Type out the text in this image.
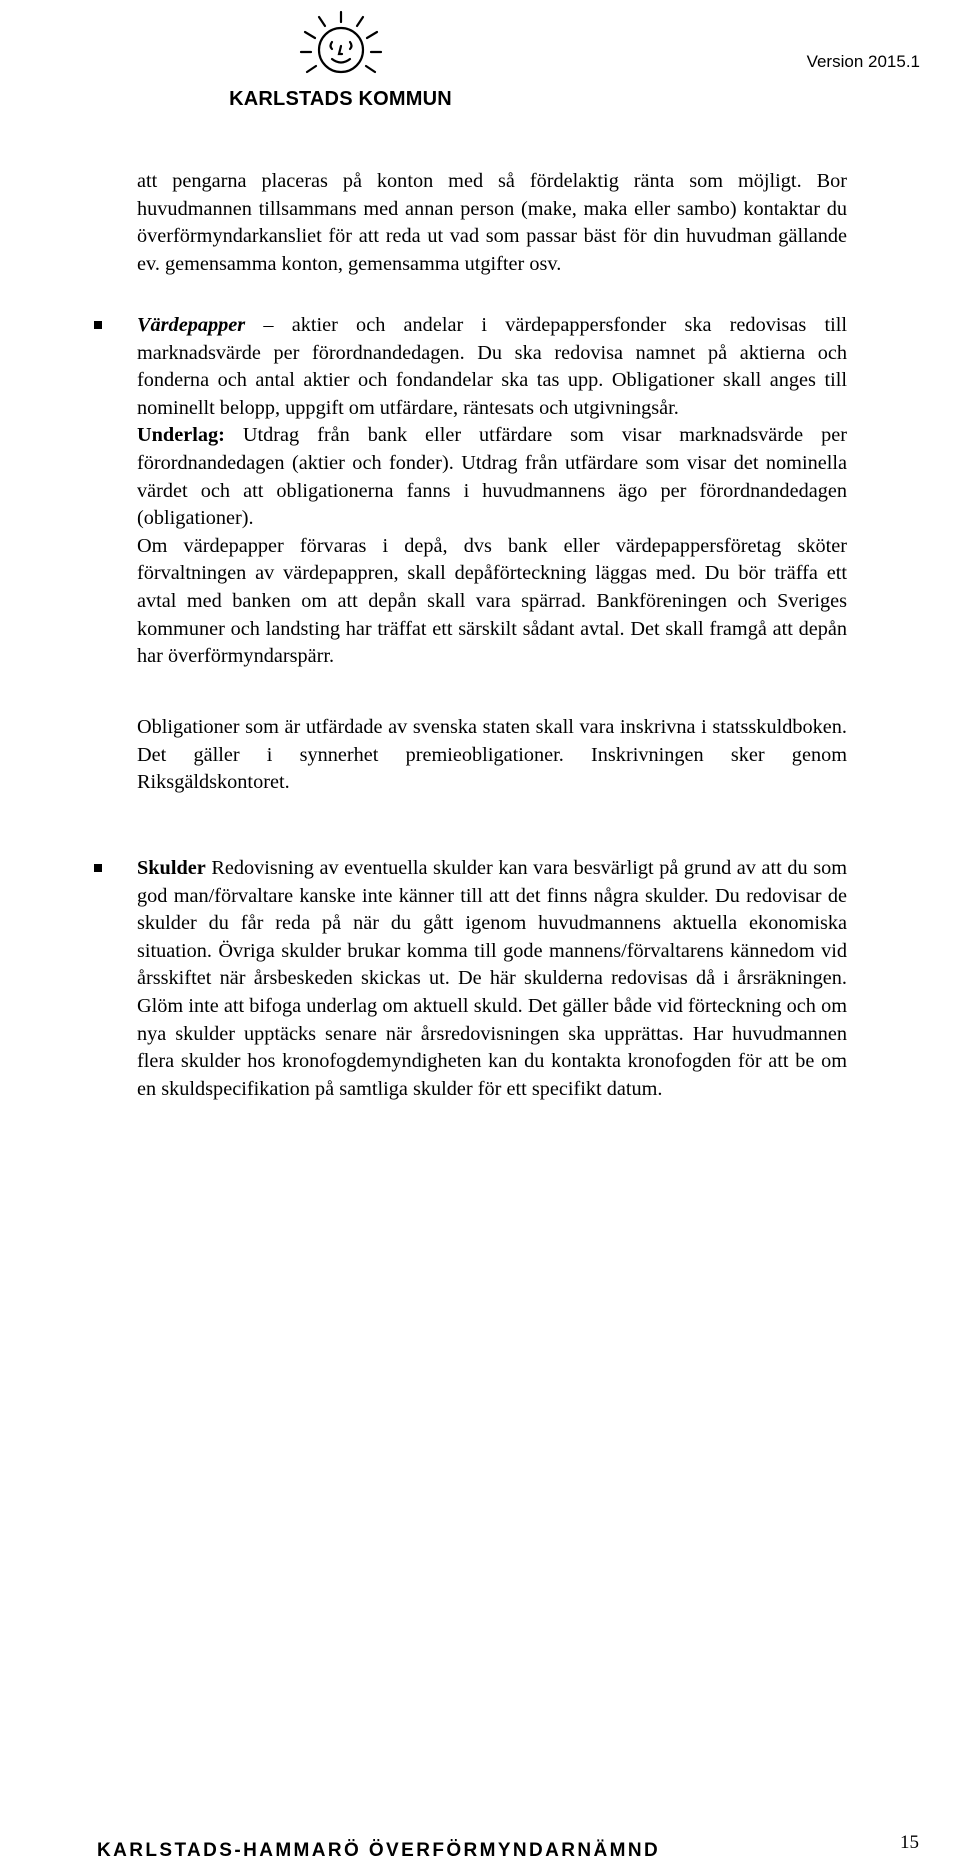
KARLSTADS KOMMUN
Version 2015.1

att pengarna placeras på konton med så fördelaktig ränta som möjligt. Bor huvudmannen tillsammans med annan person (make, maka eller sambo) kontaktar du överförmyndarkansliet för att reda ut vad som passar bäst för din huvudman gällande ev. gemensamma konton, gemensamma utgifter osv.

Värdepapper – aktier och andelar i värdepappersfonder ska redovisas till marknadsvärde per förordnandedagen. Du ska redovisa namnet på aktierna och fonderna och antal aktier och fondandelar ska tas upp. Obligationer skall anges till nominellt belopp, uppgift om utfärdare, räntesats och utgivningsår.

Underlag: Utdrag från bank eller utfärdare som visar marknadsvärde per förordnandedagen (aktier och fonder). Utdrag från utfärdare som visar det nominella värdet och att obligationerna fanns i huvudmannens ägo per förordnandedagen (obligationer).

Om värdepapper förvaras i depå, dvs bank eller värdepappersföretag sköter förvaltningen av värdepappren, skall depåförteckning läggas med. Du bör träffa ett avtal med banken om att depån skall vara spärrad. Bankföreningen och Sveriges kommuner och landsting har träffat ett särskilt sådant avtal. Det skall framgå att depån har överförmyndarspärr.

Obligationer som är utfärdade av svenska staten skall vara inskrivna i statsskuldboken. Det gäller i synnerhet premieobligationer. Inskrivningen sker genom Riksgäldskontoret.

Skulder Redovisning av eventuella skulder kan vara besvärligt på grund av att du som god man/förvaltare kanske inte känner till att det finns några skulder. Du redovisar de skulder du får reda på när du gått igenom huvudmannens aktuella ekonomiska situation. Övriga skulder brukar komma till gode mannens/förvaltarens kännedom vid årsskiftet när årsbeskeden skickas ut. De här skulderna redovisas då i årsräkningen. Glöm inte att bifoga underlag om aktuell skuld. Det gäller både vid förteckning och om nya skulder upptäcks senare när årsredovisningen ska upprättas. Har huvudmannen flera skulder hos kronofogdemyndigheten kan du kontakta kronofogden för att be om en skuldspecifikation på samtliga skulder för ett specifikt datum.

KARLSTADS-HAMMARÖ ÖVERFÖRMYNDARNÄMND	15
